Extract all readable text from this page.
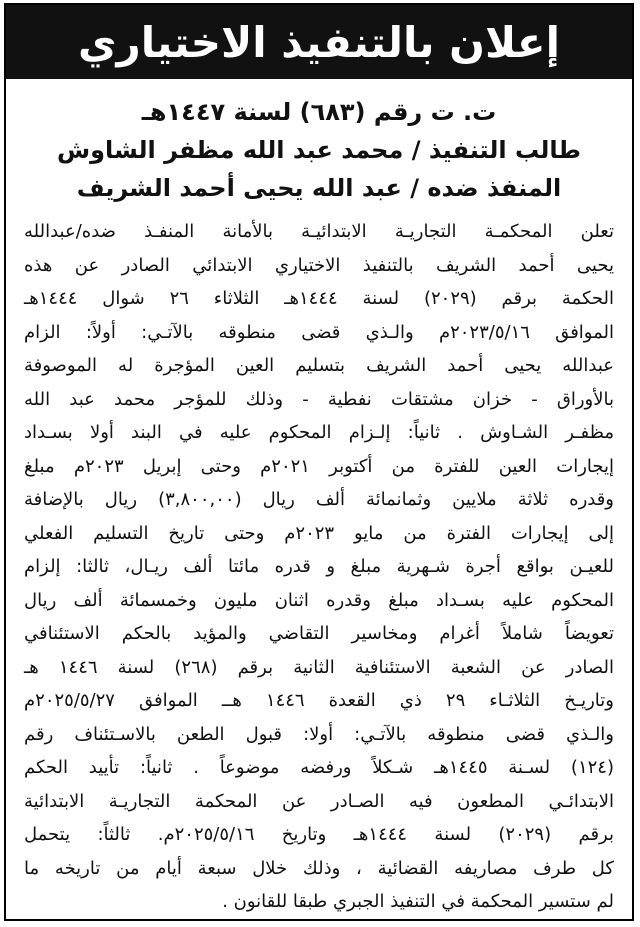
إعلان بالتنفيذ الاختياري
ت. ت رقم (٦٨٣) لسنة ١٤٤٧هـ
طالب التنفيذ / محمد عبد الله مظفر الشاوش
المنفذ ضده / عبد الله يحيى أحمد الشريف
تعلن المحكمـة التجاريـة الابتدائيـة بالأمانة المنفـذ ضده/عبدالله
يحيى أحمد الشريف بالتنفيذ الاختياري الابتدائي الصادر عن هذه
الحكمة برقم (٢٠٢٩) لسنة ١٤٤٤هـ الثلاثاء ٢٦ شوال ١٤٤٤هـ
الموافق ٢٠٢٣/٥/١٦م والـذي قضى منطوقه بالآتـي: أولاً: الزام
عبدالله يحيى أحمد الشريف بتسليم العين المؤجرة له الموصوفة
بالأوراق - خزان مشتقات نفطية - وذلك للمؤجر محمد عبد الله
مظفـر الشـاوش . ثانياً: إلـزام المحكوم عليه في البند أولا بسـداد
إيجارات العين للفترة من أكتوبر ٢٠٢١م وحتى إبريل ٢٠٢٣م مبلغ
وقدره ثلاثة ملايين وثمانمائة ألف ريال (٣,٨٠٠,٠٠) ريال بالإضافة
إلى إيجارات الفترة من مايو ٢٠٢٣م وحتى تاريخ التسليم الفعلي
للعيـن بواقع أجرة شـهرية مبلغ و قدره مائتا ألف ريـال، ثالثا: إلزام
المحكوم عليه بسـداد مبلغ وقدره اثنان مليون وخمسمائة ألف ريال
تعويضاً شاملاً أغرام ومخاسير التقاضي والمؤيد بالحكم الاستئنافي
الصادر عن الشعبة الاستئنافية الثانية برقم (٢٦٨) لسنة ١٤٤٦ هـ
وتاريـخ الثلاثـاء ٢٩ ذي القعدة ١٤٤٦ هــ الموافق ٢٠٢٥/٥/٢٧م
والـذي قضى منطوقه بالآتـي: أولا: قبول الطعن بالاسـتئناف رقم
(١٢٤) لسـنة ١٤٤٥هـ شـكلاً ورفضه موضوعاً . ثانياً: تأييد الحكم
الابتدائـي المطعون فيه الصـادر عن المحكمة التجاريـة الابتدائية
برقم (٢٠٢٩) لسنة ١٤٤٤هـ وتاريخ ٢٠٢٥/٥/١٦م. ثالثاً: يتحمل
كل طرف مصاريفه القضائية ، وذلك خلال سبعة أيام من تاريخه ما
لم ستسير المحكمة في التنفيذ الجبري طبقا للقانون .
